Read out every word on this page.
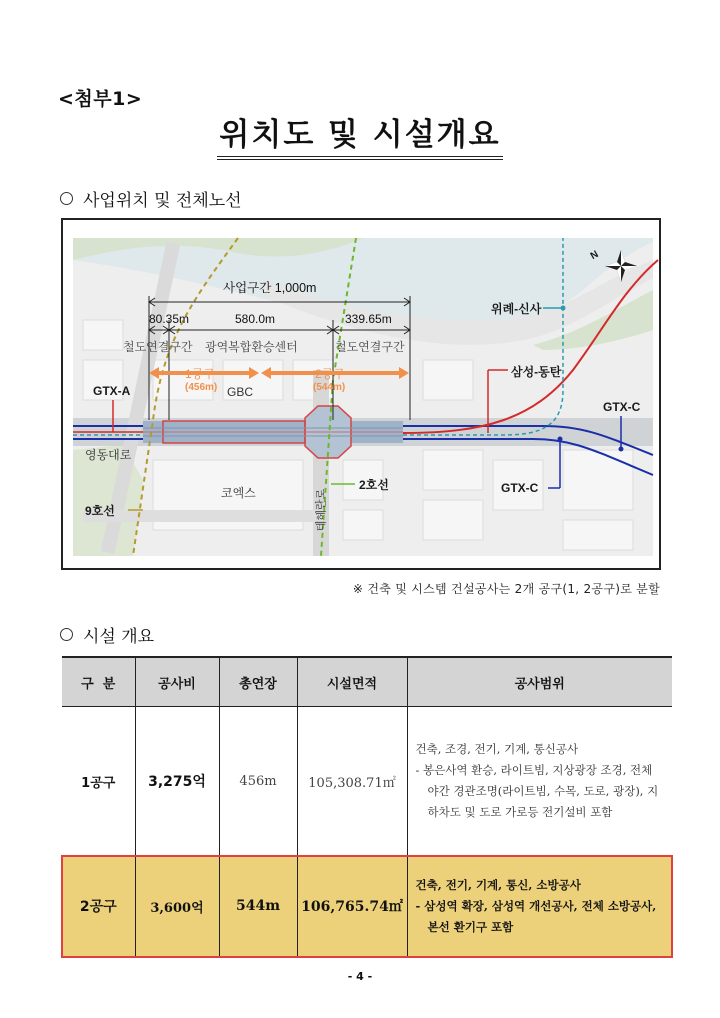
<첨부1>
위치도 및 시설개요
사업위치 및 전체노선
사업구간 1,000m
80.35m	580.0m	339.65m
철도연결구간 광역복합환승센터	철도연결구간
1공구
(456m)
2공구
(544m)
GBC
GTX-A
영동대로
코엑스
9호선
2호선
테헤란로
삼성-동탄
위례-신사
GTX-C
GTX-C
N
※ 건축 및 시스템 건설공사는 2개 공구(1, 2공구)로 분할
시설 개요
구  분	공사비	총연장	시설면적	공사범위
1공구	3,275억	456m	105,308.71㎡	건축, 조경, 전기, 기계, 통신공사
- 봉은사역 환승, 라이트빔, 지상광장 조경, 전체 야간 경관조명(라이트빔, 수목, 도로, 광장), 지하차도 및 도로 가로등 전기설비 포함

2공구	3,600억	544m	106,765.74㎡	건축, 전기, 기계, 통신, 소방공사
- 삼성역 확장, 삼성역 개선공사, 전체 소방공사, 본선 환기구 포함
- 4 -
